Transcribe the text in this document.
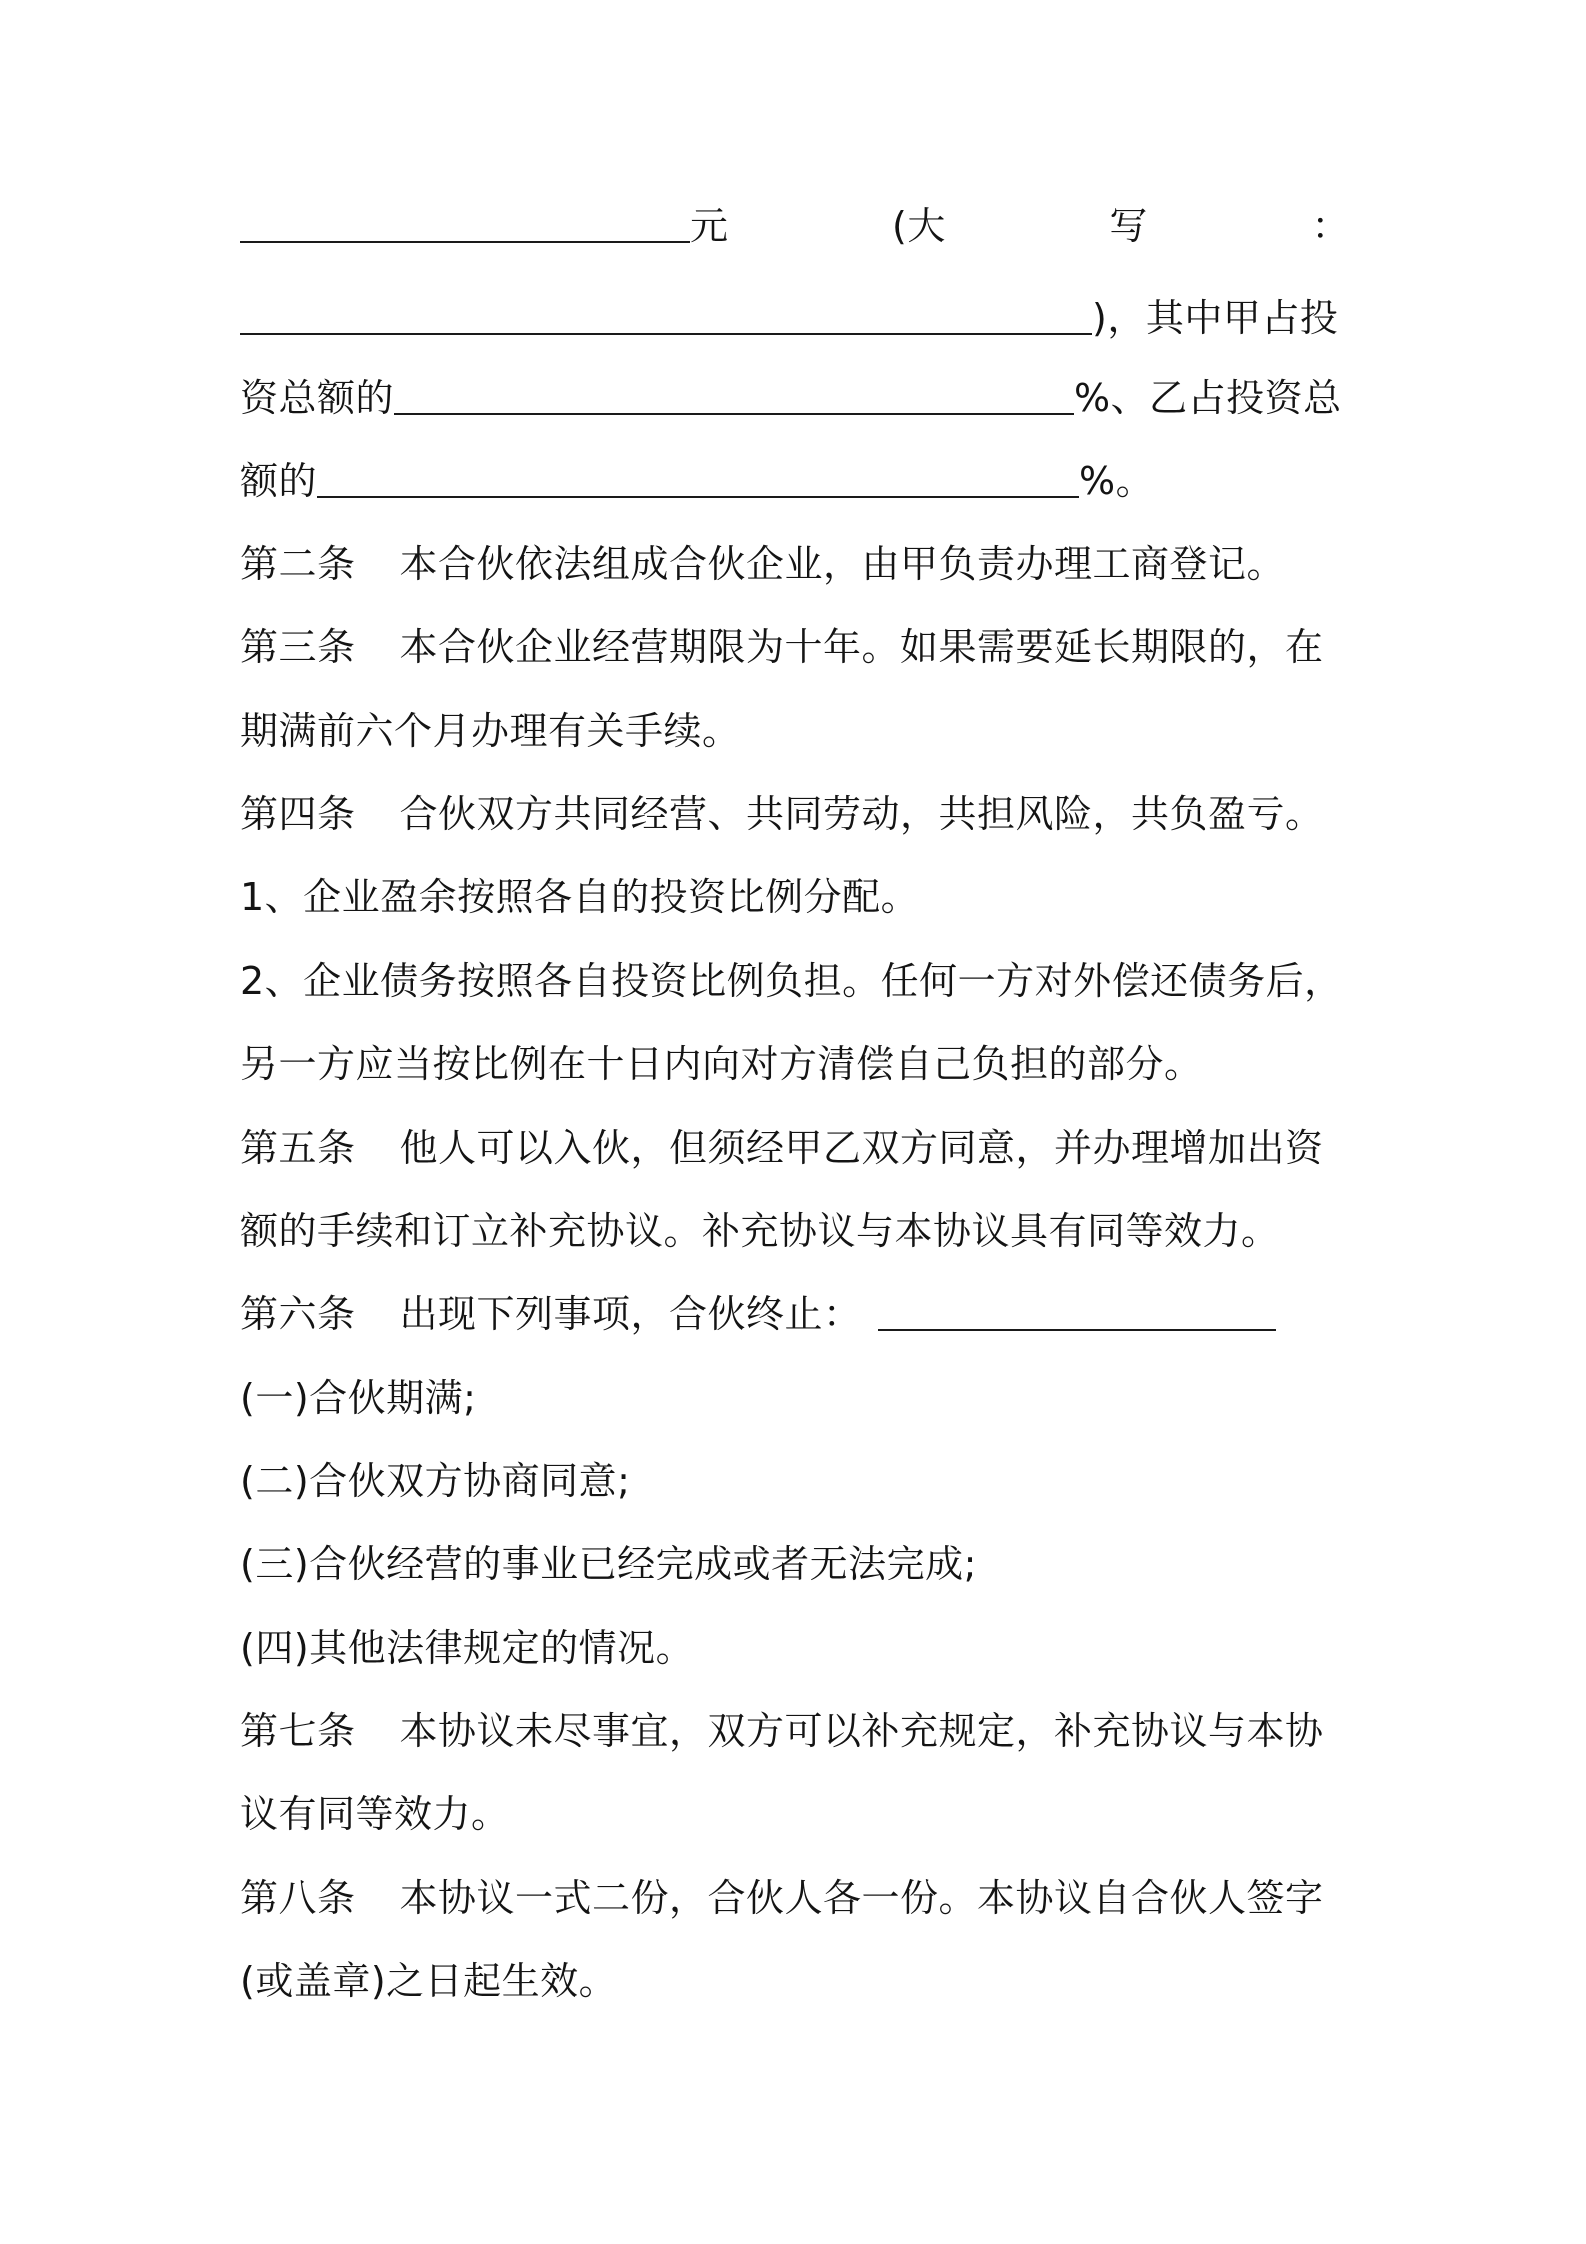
元	(大	写	：
)，其中甲占投
资总额的	%、乙占投资总
额的	%。
第二条 本合伙依法组成合伙企业，由甲负责办理工商登记。
第三条 本合伙企业经营期限为十年。如果需要延长期限的，在
期满前六个月办理有关手续。
第四条 合伙双方共同经营、共同劳动，共担风险，共负盈亏。
1、企业盈余按照各自的投资比例分配。
2、企业债务按照各自投资比例负担。任何一方对外偿还债务后，
另一方应当按比例在十日内向对方清偿自己负担的部分。
第五条 他人可以入伙，但须经甲乙双方同意，并办理增加出资
额的手续和订立补充协议。补充协议与本协议具有同等效力。
第六条 出现下列事项，合伙终止：
(一)合伙期满;
(二)合伙双方协商同意;
(三)合伙经营的事业已经完成或者无法完成;
(四)其他法律规定的情况。
第七条 本协议未尽事宜，双方可以补充规定，补充协议与本协
议有同等效力。
第八条 本协议一式二份，合伙人各一份。本协议自合伙人签字
(或盖章)之日起生效。
